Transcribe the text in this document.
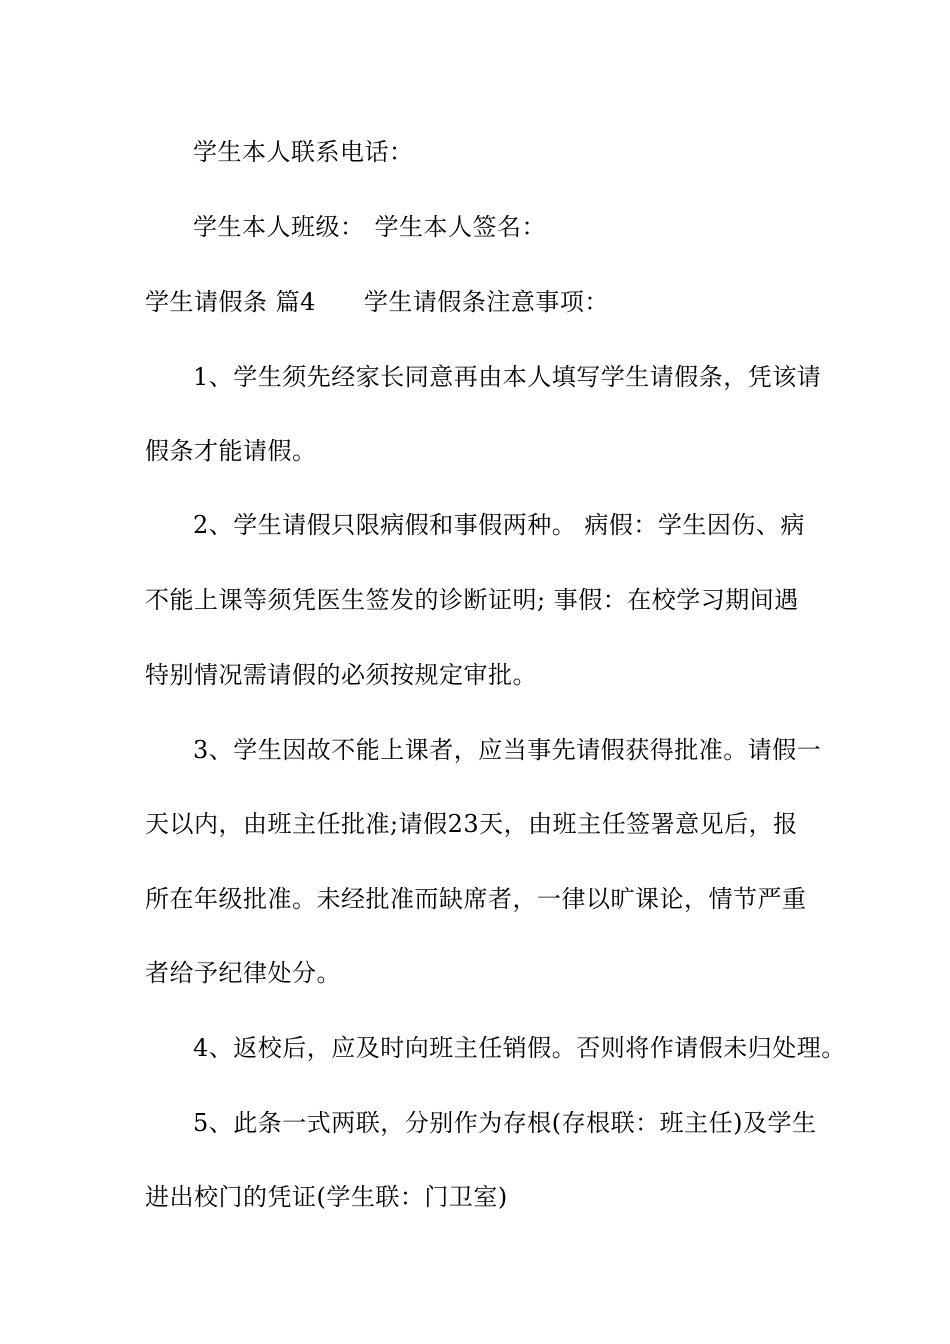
学生本人联系电话：
学生本人班级： 学生本人签名：
学生请假条 篇4 学生请假条注意事项：
1、学生须先经家长同意再由本人填写学生请假条，凭该请
假条才能请假。
2、学生请假只限病假和事假两种。 病假：学生因伤、病
不能上课等须凭医生签发的诊断证明; 事假：在校学习期间遇
特别情况需请假的必须按规定审批。
3、学生因故不能上课者，应当事先请假获得批准。请假一
天以内，由班主任批准;请假23天，由班主任签署意见后，报
所在年级批准。未经批准而缺席者，一律以旷课论，情节严重
者给予纪律处分。
4、返校后，应及时向班主任销假。否则将作请假未归处理。
5、此条一式两联，分别作为存根(存根联：班主任)及学生
进出校门的凭证(学生联：门卫室)
